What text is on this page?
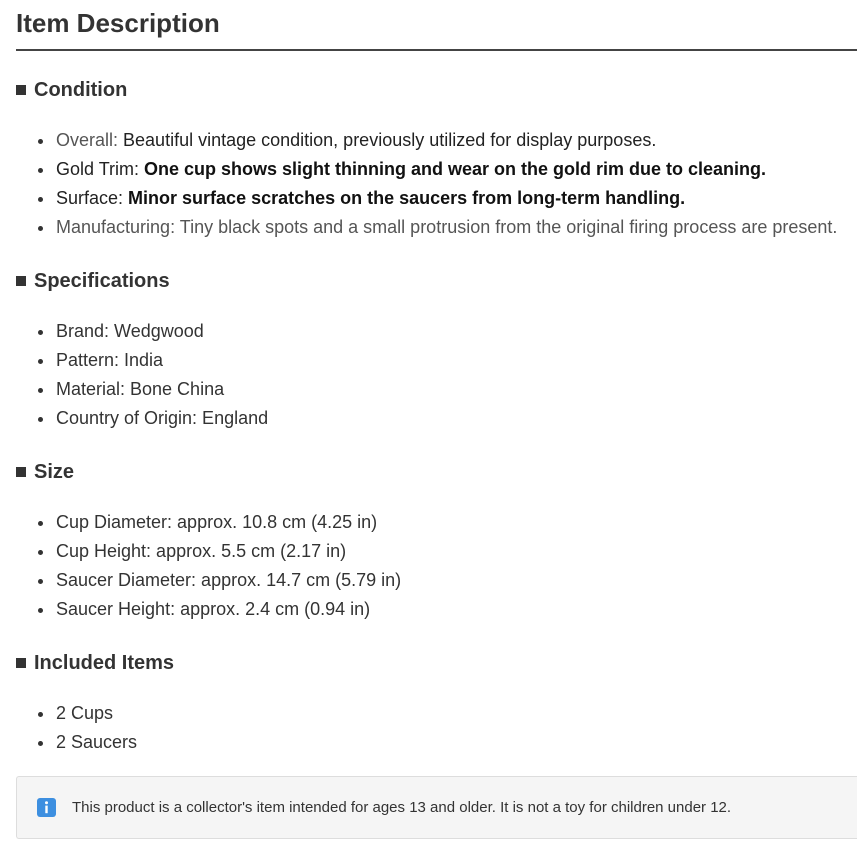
Item Description
Condition
Overall: Beautiful vintage condition, previously utilized for display purposes.
Gold Trim: One cup shows slight thinning and wear on the gold rim due to cleaning.
Surface: Minor surface scratches on the saucers from long-term handling.
Manufacturing: Tiny black spots and a small protrusion from the original firing process are present.
Specifications
Brand: Wedgwood
Pattern: India
Material: Bone China
Country of Origin: England
Size
Cup Diameter: approx. 10.8 cm (4.25 in)
Cup Height: approx. 5.5 cm (2.17 in)
Saucer Diameter: approx. 14.7 cm (5.79 in)
Saucer Height: approx. 2.4 cm (0.94 in)
Included Items
2 Cups
2 Saucers
This product is a collector's item intended for ages 13 and older. It is not a toy for children under 12.
